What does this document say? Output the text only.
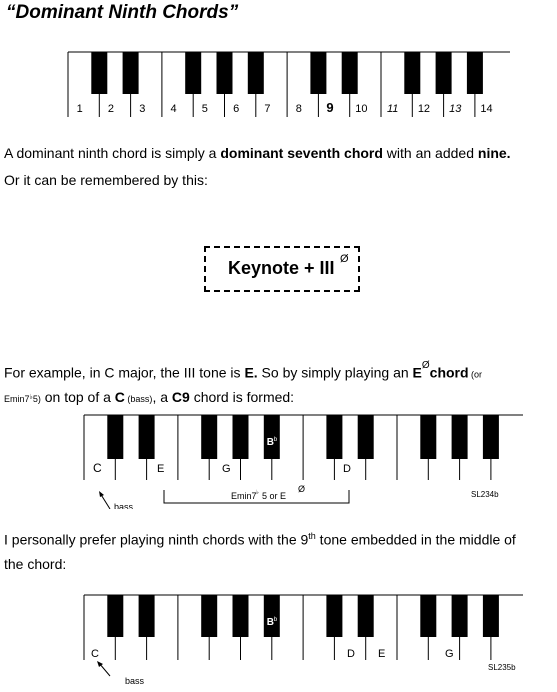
“Dominant Ninth Chords”
1 2 3 4 5 6 7 8 9 10 11 12 13 14
A dominant ninth chord is simply a dominant seventh chord with an added nine.
Or it can be remembered by this:
Keynote + III Ø
For example, in C major, the III tone is E. So by simply playing an $E^Øchord$ (or
Emin7♭5) on top of a C (bass), a C9 chord is formed:
C	E	G	D
B b
bass
Emin7 ♭ 5 or E
Ø
SL234b
I personally prefer playing ninth chords with the 9th tone embedded in the middle of
the chord:
C	D E	G
B b
bass
SL235b
